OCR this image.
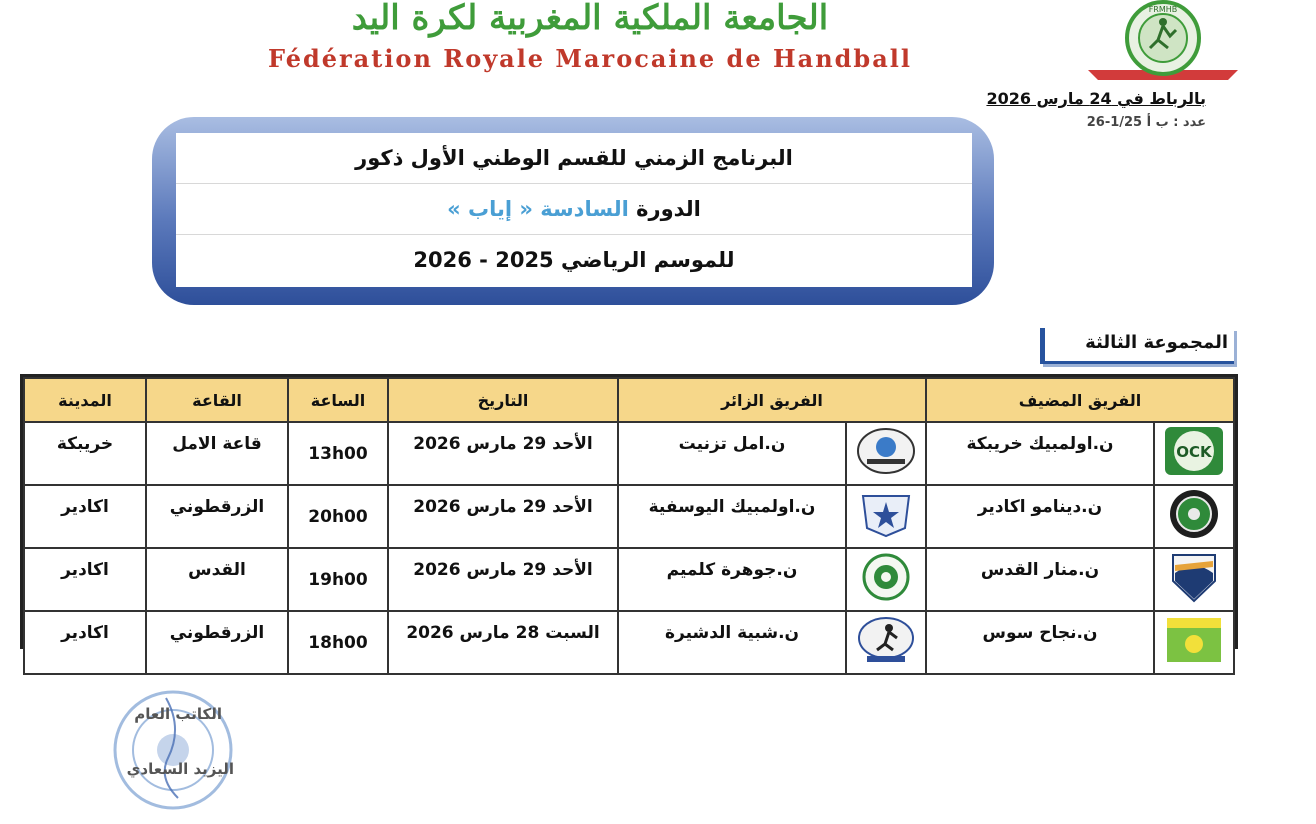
الجامعة الملكية المغربية لكرة اليد
Fédération Royale Marocaine de Handball
FRMHB
بالرباط في 24 مارس 2026
عدد : ب أ 1/25-26
البرنامج الزمني للقسم الوطني الأول ذكور
الدورة السادسة « إياب »
للموسم الرياضي 2025 - 2026
المجموعة الثالثة
الفريق المضيف		الفريق الزائر		التاريخ	الساعة	القاعة	المدينة

OCK	ن.اولمبيك خريبكة		ن.امل تزنيت	الأحد 29 مارس 2026	13h00	قاعة الامل	خريبكة
	ن.دينامو اكادير		ن.اولمبيك اليوسفية	الأحد 29 مارس 2026	20h00	الزرقطوني	اكادير
	ن.منار القدس		ن.جوهرة كلميم	الأحد 29 مارس 2026	19h00	القدس	اكادير
	ن.نجاح سوس		ن.شبية الدشيرة	السبت 28 مارس 2026	18h00	الزرقطوني	اكادير
الكاتب العام
اليزيد السعادي
